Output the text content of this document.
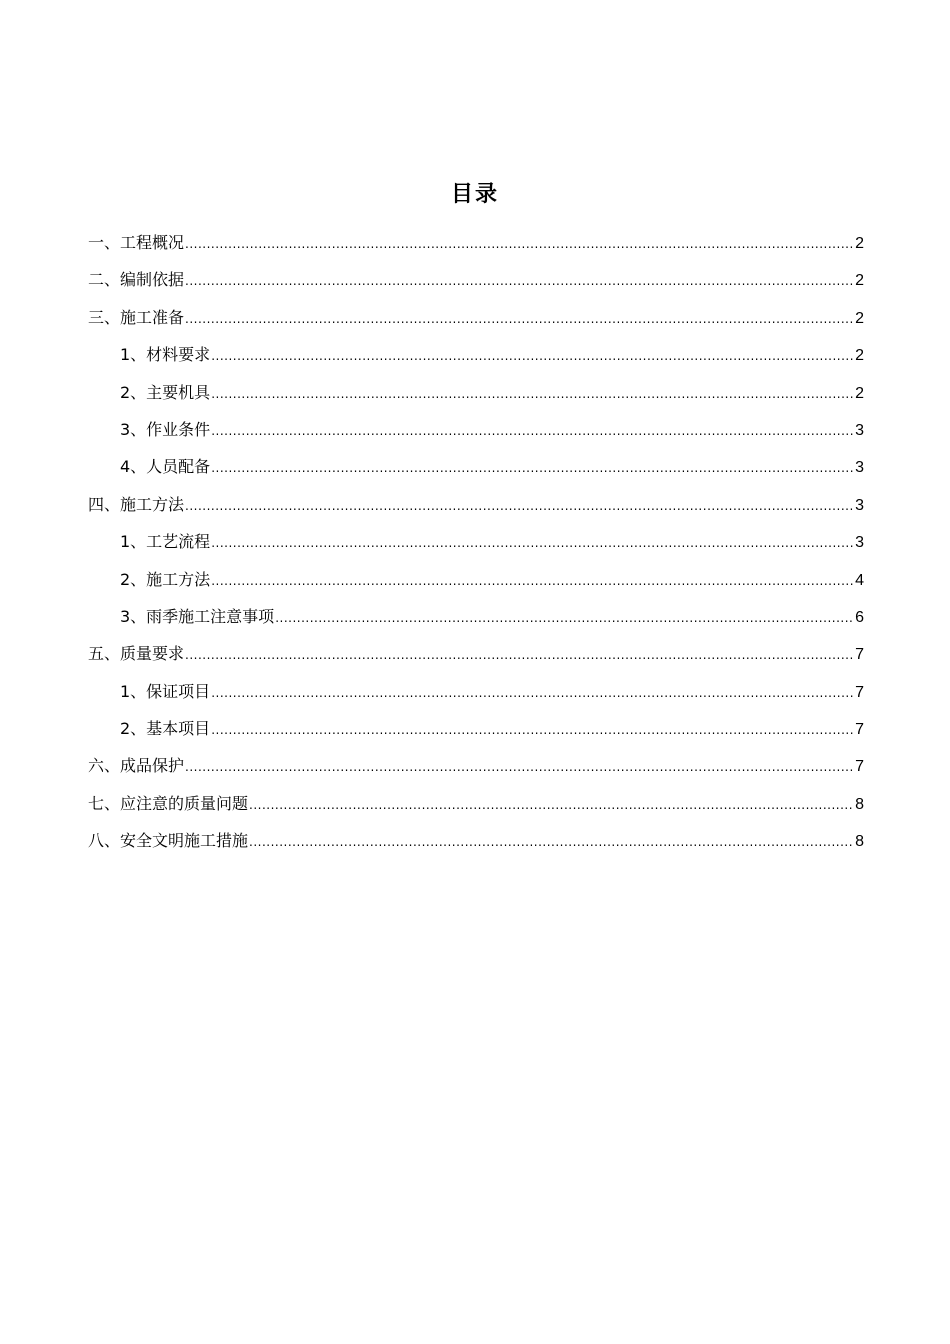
目录
一、工程概况 .....	2
二、编制依据 .....	2
三、施工准备 .....	2
1、材料要求 .....	2
2、主要机具 .....	2
3、作业条件 .....	3
4、人员配备 .....	3
四、施工方法 .....	3
1、工艺流程 .....	3
2、施工方法 .....	4
3、雨季施工注意事项 .....	6
五、质量要求 .....	7
1、保证项目 .....	7
2、基本项目 .....	7
六、成品保护 .....	7
七、应注意的质量问题 .....	8
八、安全文明施工措施 .....	8
